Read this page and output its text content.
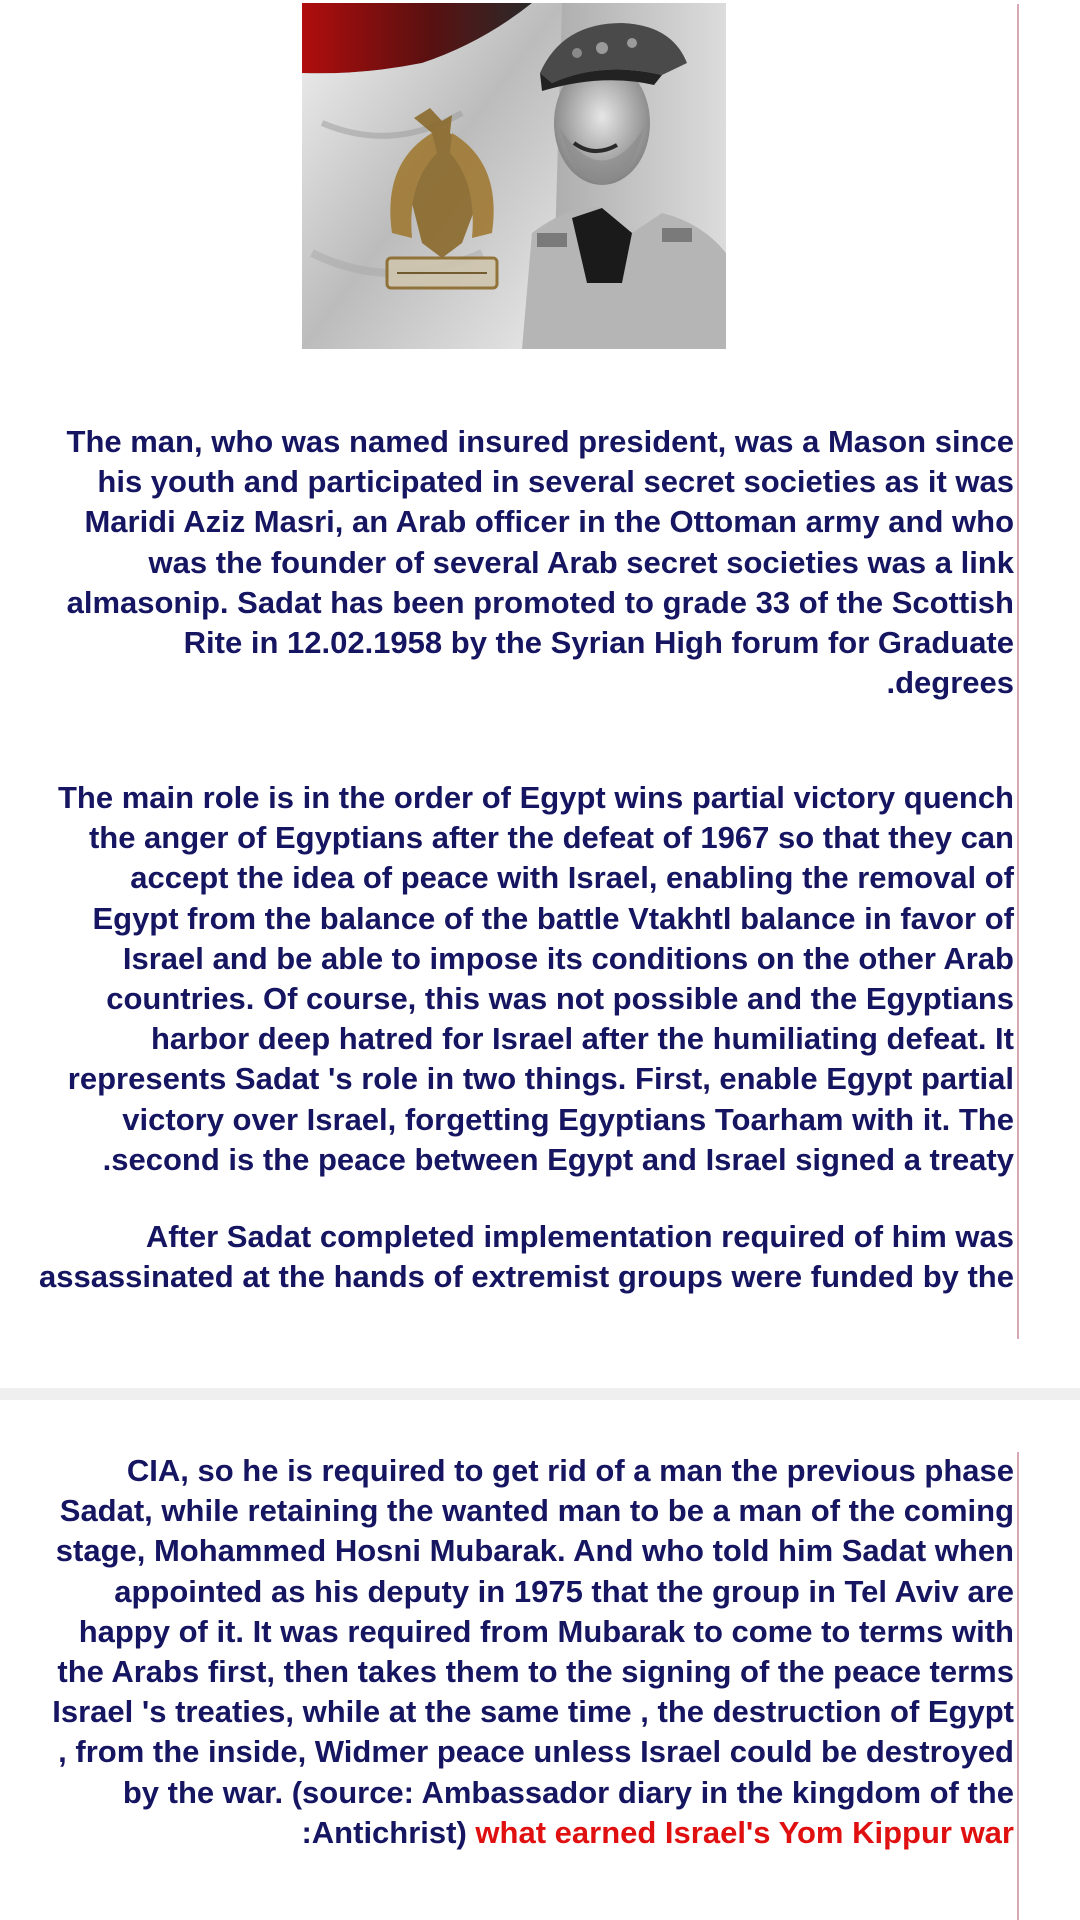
The man, who was named insured president, was a Mason since
his youth and participated in several secret societies as it was
Maridi Aziz Masri, an Arab officer in the Ottoman army and who
was the founder of several Arab secret societies was a link
almasonip. Sadat has been promoted to grade 33 of the Scottish
Rite in 12.02.1958 by the Syrian High forum for Graduate
.degrees
The main role is in the order of Egypt wins partial victory quench
the anger of Egyptians after the defeat of 1967 so that they can
accept the idea of peace with Israel, enabling the removal of
Egypt from the balance of the battle Vtakhtl balance in favor of
Israel and be able to impose its conditions on the other Arab
countries. Of course, this was not possible and the Egyptians
harbor deep hatred for Israel after the humiliating defeat. It
represents Sadat 's role in two things. First, enable Egypt partial
victory over Israel, forgetting Egyptians Toarham with it. The
.second is the peace between Egypt and Israel signed a treaty
After Sadat completed implementation required of him was
assassinated at the hands of extremist groups were funded by the
CIA, so he is required to get rid of a man the previous phase
Sadat, while retaining the wanted man to be a man of the coming
stage, Mohammed Hosni Mubarak. And who told him Sadat when
appointed as his deputy in 1975 that the group in Tel Aviv are
happy of it. It was required from Mubarak to come to terms with
the Arabs first, then takes them to the signing of the peace terms
Israel 's treaties, while at the same time , the destruction of Egypt
, from the inside, Widmer peace unless Israel could be destroyed
by the war. (source: Ambassador diary in the kingdom of the
:Antichrist) what earned Israel's Yom Kippur war
